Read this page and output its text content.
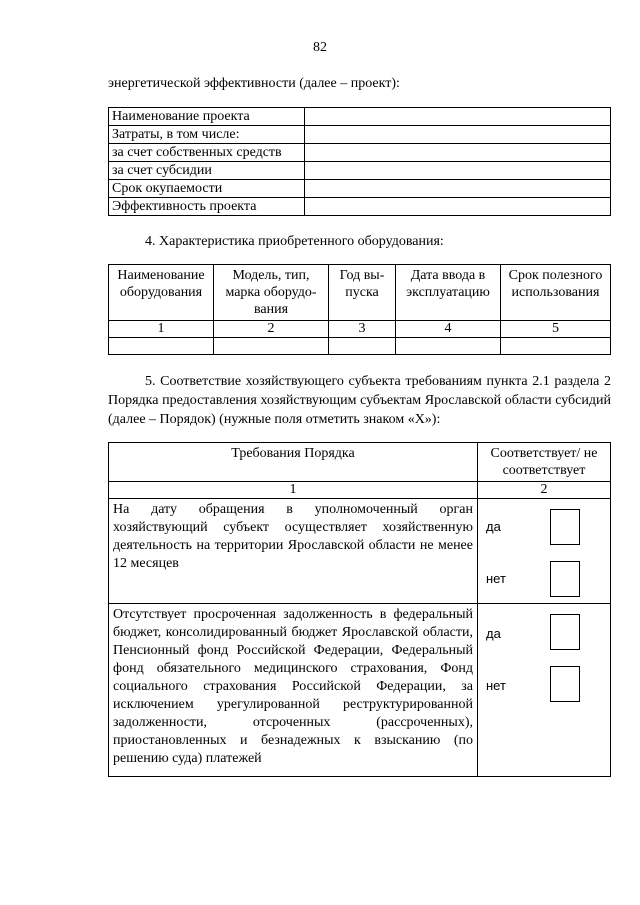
82
энергетической эффективности (далее – проект):
Наименование проекта	
Затраты, в том числе:	
за счет собственных средств	
за счет субсидии	
Срок окупаемости	
Эффективность проекта	
4. Характеристика приобретенного оборудования:
Наименование оборудования	Модель, тип, марка оборудо-вания	Год вы-пуска	Дата ввода в эксплуатацию	Срок полезного использования
1	2	3	4	5

5. Соответствие хозяйствующего субъекта требованиям пункта 2.1 раздела 2 Порядка предоставления хозяйствующим субъектам Ярославской области субсидий (далее – Порядок) (нужные поля отметить знаком «Х»):
Требования Порядка	Соответствует/ не соответствует
1	2
На дату обращения в уполномоченный орган хозяйствующий субъект осуществляет хозяйственную деятельность на территории Ярославской области не менее 12 месяцев	да
нет

Отсутствует просроченная задолженность в федеральный бюджет, консолидированный бюджет Ярославской области, Пенсионный фонд Российской Федерации, Федеральный фонд обязательного медицинского страхования, Фонд социального страхования Российской Федерации, за исключением урегулированной реструктурированной задолженности, отсроченных (рассроченных), приостановленных и безнадежных к взысканию (по решению суда) платежей	да
нет
